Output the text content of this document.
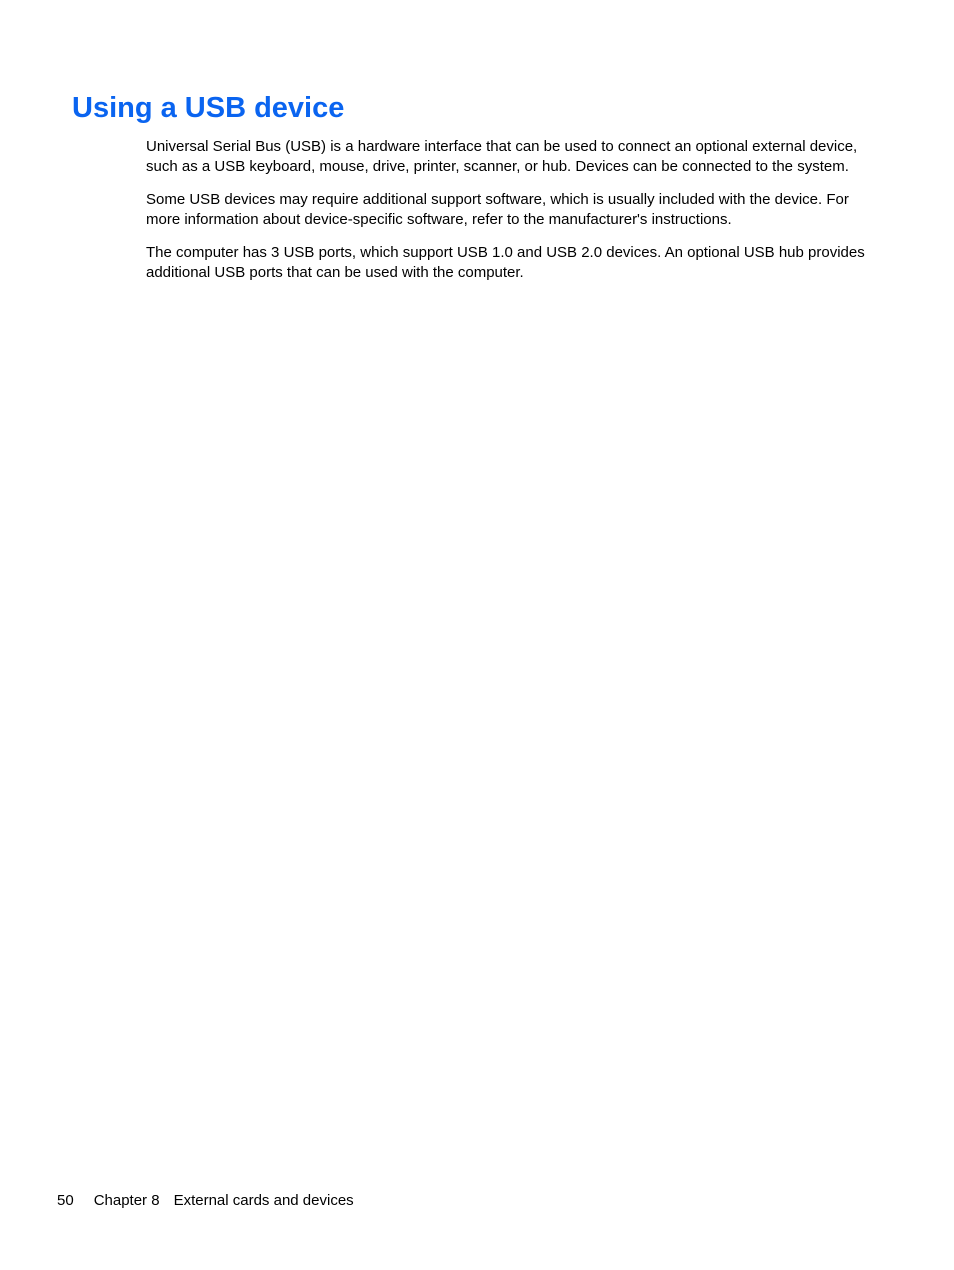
Using a USB device

Universal Serial Bus (USB) is a hardware interface that can be used to connect an optional external device, such as a USB keyboard, mouse, drive, printer, scanner, or hub. Devices can be connected to the system.

Some USB devices may require additional support software, which is usually included with the device. For more information about device-specific software, refer to the manufacturer's instructions.

The computer has 3 USB ports, which support USB 1.0 and USB 2.0 devices. An optional USB hub provides additional USB ports that can be used with the computer.

50 Chapter 8 External cards and devices
